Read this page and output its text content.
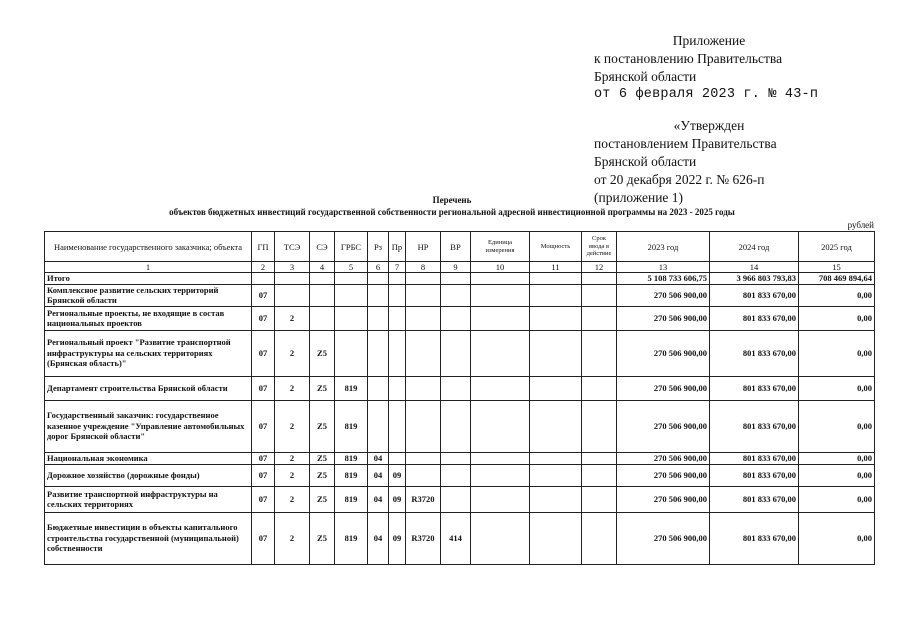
Приложение
к постановлению Правительства
Брянской области
от 6 февраля 2023 г. № 43-п
«Утвержден
постановлением Правительства
Брянской области
от 20 декабря 2022 г. № 626-п
(приложение 1)
Перечень
объектов бюджетных инвестиций государственной собственности региональной адресной инвестиционной программы на 2023 - 2025 годы
рублей
Наименование государственного заказчика; объекта	ГП	ТСЭ	СЭ	ГРБС	Рз	Пр	НР	ВР	Единица измерения	Мощность	Срок ввода в действие	2023 год	2024 год	2025 год
1	2	3	4	5	6	7	8	9	10	11	12	13	14	15
Итого												5 108 733 606,75	3 966 803 793,83	708 469 894,64
Комплексное развитие сельских территорий Брянской области	07											270 506 900,00	801 833 670,00	0,00
Региональные проекты, не входящие в состав национальных проектов	07	2										270 506 900,00	801 833 670,00	0,00
Региональный проект "Развитие транспортной инфраструктуры на сельских территориях (Брянская область)"	07	2	Z5									270 506 900,00	801 833 670,00	0,00
Департамент строительства Брянской области	07	2	Z5	819								270 506 900,00	801 833 670,00	0,00
Государственный заказчик: государственное казенное учреждение "Управление автомобильных дорог Брянской области"	07	2	Z5	819								270 506 900,00	801 833 670,00	0,00
Национальная экономика	07	2	Z5	819	04							270 506 900,00	801 833 670,00	0,00
Дорожное хозяйство (дорожные фонды)	07	2	Z5	819	04	09						270 506 900,00	801 833 670,00	0,00
Развитие транспортной инфраструктуры на сельских территориях	07	2	Z5	819	04	09	R3720					270 506 900,00	801 833 670,00	0,00
Бюджетные инвестиции в объекты капитального строительства государственной (муниципальной) собственности	07	2	Z5	819	04	09	R3720	414				270 506 900,00	801 833 670,00	0,00
